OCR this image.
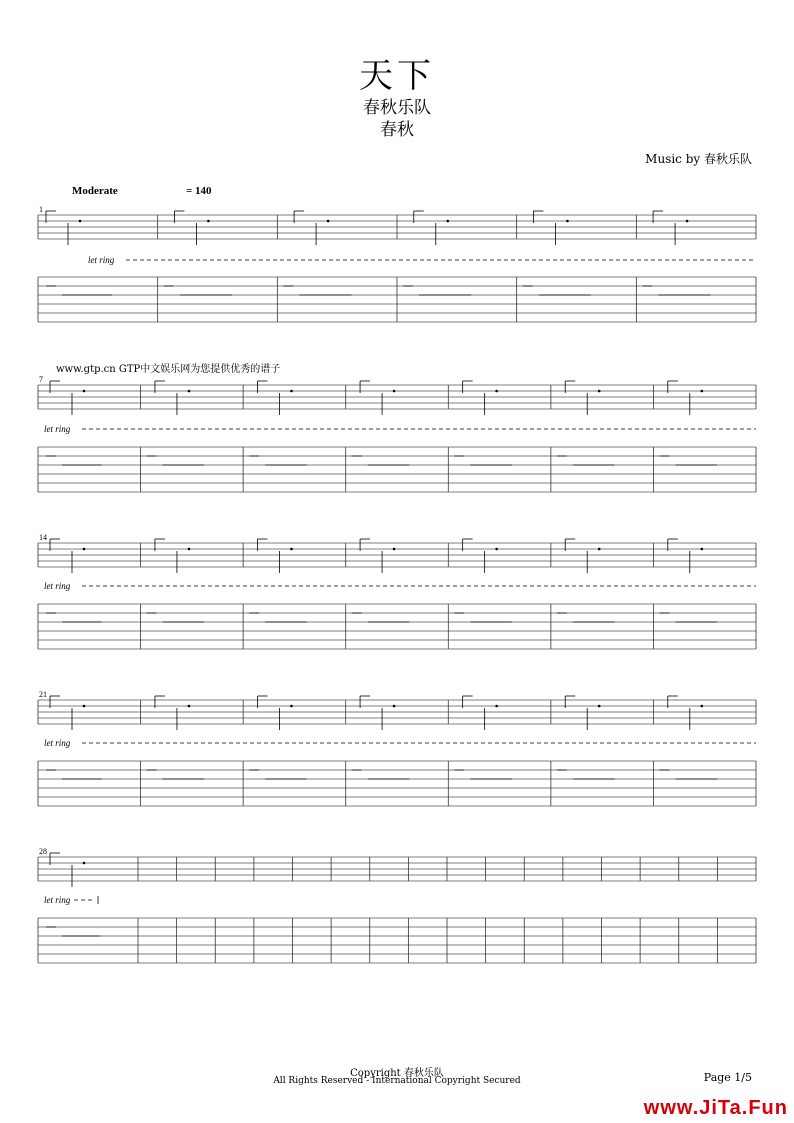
天下
春秋乐队
春秋
Music by 春秋乐队
Moderate	= 140
www.gtp.cn GTP中文娱乐网为您提供优秀的谱子
1
let ring
7
let ring
14
let ring
21
let ring
28
let ring
Copyright 春秋乐队
All Rights Reserved - International Copyright Secured	Page 1/5
www.JiTa.Fun
